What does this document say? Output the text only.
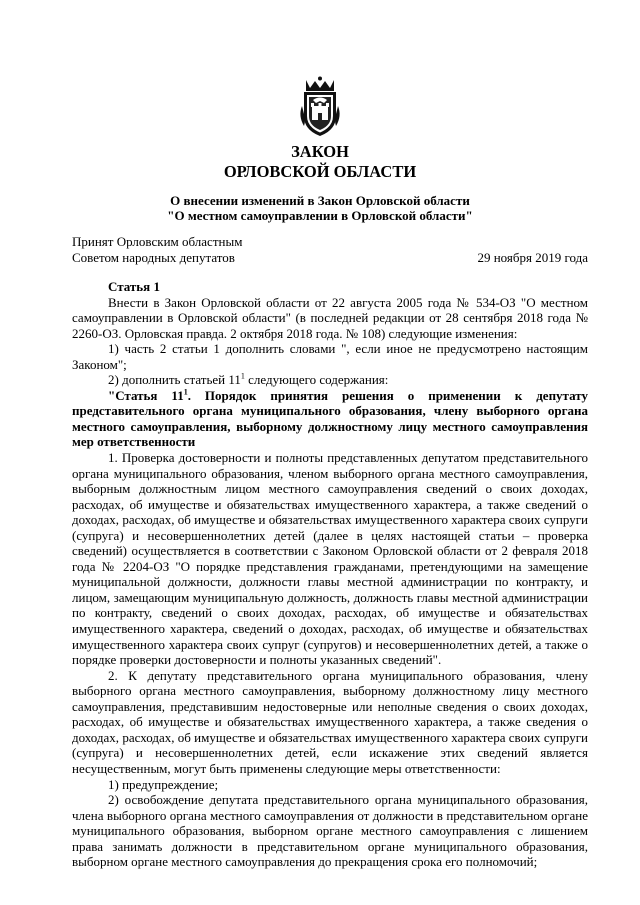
ЗАКОН
ОРЛОВСКОЙ ОБЛАСТИ
О внесении изменений в Закон Орловской области
"О местном самоуправлении в Орловской области"
Принят Орловским областным
Советом народных депутатов	29 ноября 2019 года

Статья 1

Внести в Закон Орловской области от 22 августа 2005 года № 534-ОЗ "О местном самоуправлении в Орловской области" (в последней редакции от 28 сентября 2018 года № 2260-ОЗ. Орловская правда. 2 октября 2018 года. № 108) следующие изменения:

1) часть 2 статьи 1 дополнить словами ", если иное не предусмотрено настоящим Законом";

2) дополнить статьей $11^1$ следующего содержания:

"Статья $11^1$. Порядок принятия решения о применении к депутату представительного органа муниципального образования, члену выборного органа местного самоуправления, выборному должностному лицу местного самоуправления мер ответственности

1. Проверка достоверности и полноты представленных депутатом представительного органа муниципального образования, членом выборного органа местного самоуправления, выборным должностным лицом местного самоуправления сведений о своих доходах, расходах, об имуществе и обязательствах имущественного характера, а также сведений о доходах, расходах, об имуществе и обязательствах имущественного характера своих супруги (супруга) и несовершеннолетних детей (далее в целях настоящей статьи – проверка сведений) осуществляется в соответствии с Законом Орловской области от 2 февраля 2018 года № 2204-ОЗ "О порядке представления гражданами, претендующими на замещение муниципальной должности, должности главы местной администрации по контракту, и лицом, замещающим муниципальную должность, должность главы местной администрации по контракту, сведений о своих доходах, расходах, об имуществе и обязательствах имущественного характера, сведений о доходах, расходах, об имуществе и обязательствах имущественного характера своих супруг (супругов) и несовершеннолетних детей, а также о порядке проверки достоверности и полноты указанных сведений".

2. К депутату представительного органа муниципального образования, члену выборного органа местного самоуправления, выборному должностному лицу местного самоуправления, представившим недостоверные или неполные сведения о своих доходах, расходах, об имуществе и обязательствах имущественного характера, а также сведения о доходах, расходах, об имуществе и обязательствах имущественного характера своих супруги (супруга) и несовершеннолетних детей, если искажение этих сведений является несущественным, могут быть применены следующие меры ответственности:

1) предупреждение;

2) освобождение депутата представительного органа муниципального образования, члена выборного органа местного самоуправления от должности в представительном органе муниципального образования, выборном органе местного самоуправления с лишением права занимать должности в представительном органе муниципального образования, выборном органе местного самоуправления до прекращения срока его полномочий;
